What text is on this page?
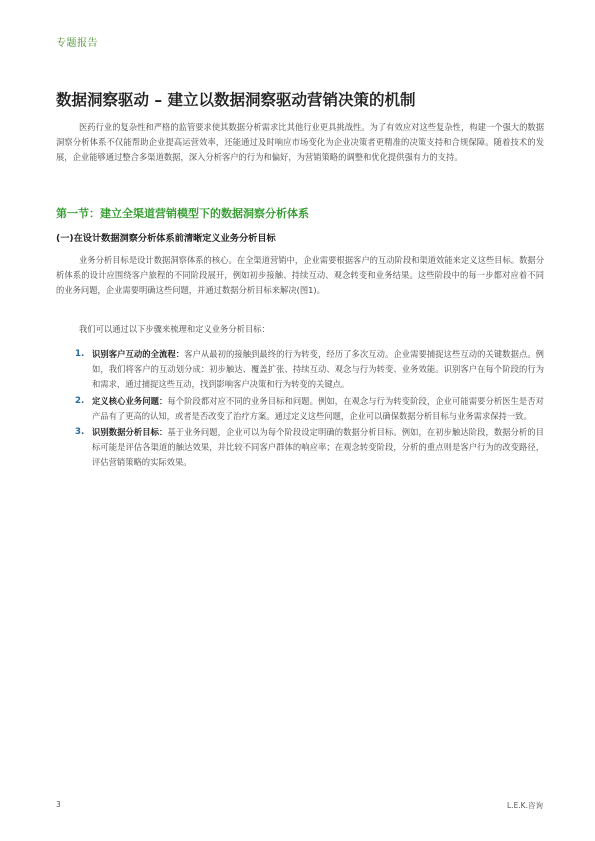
专题报告
数据洞察驱动 – 建立以数据洞察驱动营销决策的机制
医药行业的复杂性和严格的监管要求使其数据分析需求比其他行业更具挑战性。为了有效应对这些复杂性，构建一个强大的数据洞察分析体系不仅能帮助企业提高运营效率，还能通过及时响应市场变化为企业决策者更精准的决策支持和合规保障。随着技术的发展，企业能够通过整合多渠道数据，深入分析客户的行为和偏好，为营销策略的调整和优化提供强有力的支持。
第一节：建立全渠道营销模型下的数据洞察分析体系
(一)在设计数据洞察分析体系前清晰定义业务分析目标
业务分析目标是设计数据洞察体系的核心。在全渠道营销中，企业需要根据客户的互动阶段和渠道效能来定义这些目标。数据分析体系的设计应围绕客户旅程的不同阶段展开，例如初步接触、持续互动、观念转变和业务结果。这些阶段中的每一步都对应着不同的业务问题，企业需要明确这些问题，并通过数据分析目标来解决(图1)。
我们可以通过以下步骤来梳理和定义业务分析目标：
1. 识别客户互动的全流程：客户从最初的接触到最终的行为转变，经历了多次互动。企业需要捕捉这些互动的关键数据点。例如，我们将客户的互动划分成：初步触达、覆盖扩张、持续互动、观念与行为转变、业务效能。识别客户在每个阶段的行为和需求，通过捕捉这些互动，找到影响客户决策和行为转变的关键点。
2. 定义核心业务问题：每个阶段都对应不同的业务目标和问题。例如，在观念与行为转变阶段，企业可能需要分析医生是否对产品有了更高的认知，或者是否改变了治疗方案。通过定义这些问题，企业可以确保数据分析目标与业务需求保持一致。
3. 识别数据分析目标：基于业务问题，企业可以为每个阶段设定明确的数据分析目标。例如，在初步触达阶段，数据分析的目标可能是评估各渠道的触达效果，并比较不同客户群体的响应率；在观念转变阶段，分析的重点则是客户行为的改变路径，评估营销策略的实际效果。
3	L.E.K.咨询
